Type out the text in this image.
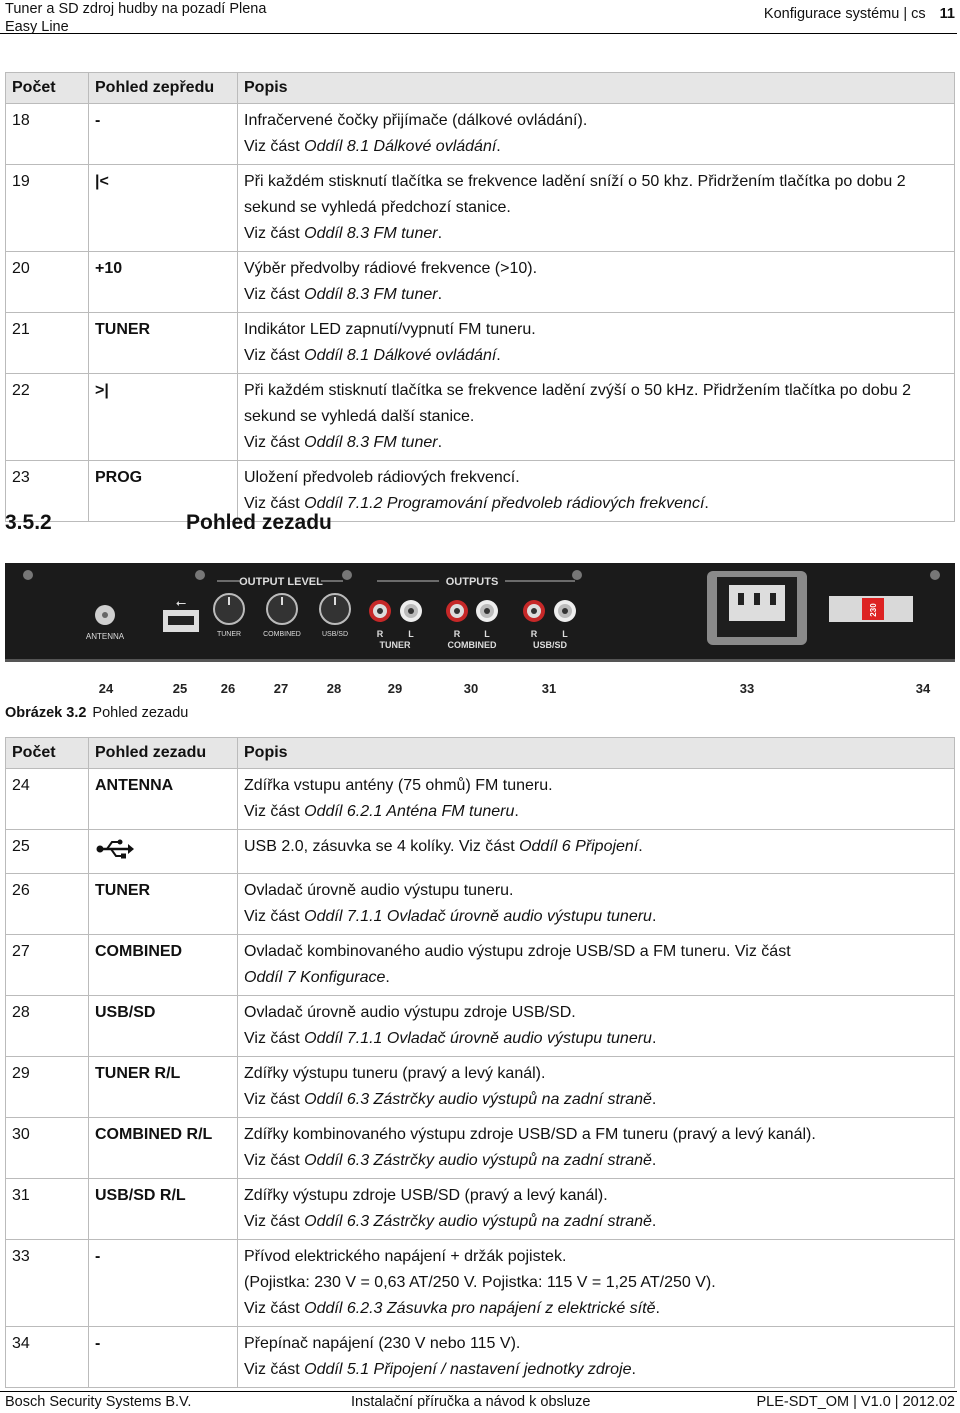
Tuner a SD zdroj hudby na pozadí Plena
Easy Line
Konfigurace systému | cs 11
Počet	Pohled zepředu	Popis
18	-	Infračervené čočky přijímače (dálkové ovládání).
Viz část Oddíl 8.1 Dálkové ovládání.
19	|<	Při každém stisknutí tlačítka se frekvence ladění sníží o 50 khz. Přidržením tlačítka po dobu 2 sekund se vyhledá předchozí stanice.
Viz část Oddíl 8.3 FM tuner.
20	+10	Výběr předvolby rádiové frekvence (>10).
Viz část Oddíl 8.3 FM tuner.
21	TUNER	Indikátor LED zapnutí/vypnutí FM tuneru.
Viz část Oddíl 8.1 Dálkové ovládání.
22	>|	Při každém stisknutí tlačítka se frekvence ladění zvýší o 50 kHz. Přidržením tlačítka po dobu 2 sekund se vyhledá další stanice.
Viz část Oddíl 8.3 FM tuner.
23	PROG	Uložení předvoleb rádiových frekvencí.
Viz část Oddíl 7.1.2 Programování předvoleb rádiových frekvencí.
3.5.2	Pohled zezadu
OUTPUT LEVEL	OUTPUTS
ANTENNA
⭠
TUNER	COMBINED	USB/SD	R	L	R	L	R	L
TUNER	COMBINED	USB/SD
230
24	25	26	27	28	29	30	31	33	34
Obrázek 3.2 Pohled zezadu
Počet	Pohled zezadu	Popis
24	ANTENNA	Zdířka vstupu antény (75 ohmů) FM tuneru.
Viz část Oddíl 6.2.1 Anténa FM tuneru.
25		USB 2.0, zásuvka se 4 kolíky. Viz část Oddíl 6 Připojení.
26	TUNER	Ovladač úrovně audio výstupu tuneru.
Viz část Oddíl 7.1.1 Ovladač úrovně audio výstupu tuneru.
27	COMBINED	Ovladač kombinovaného audio výstupu zdroje USB/SD a FM tuneru. Viz část
Oddíl 7 Konfigurace.
28	USB/SD	Ovladač úrovně audio výstupu zdroje USB/SD.
Viz část Oddíl 7.1.1 Ovladač úrovně audio výstupu tuneru.
29	TUNER R/L	Zdířky výstupu tuneru (pravý a levý kanál).
Viz část Oddíl 6.3 Zástrčky audio výstupů na zadní straně.
30	COMBINED R/L	Zdířky kombinovaného výstupu zdroje USB/SD a FM tuneru (pravý a levý kanál).
Viz část Oddíl 6.3 Zástrčky audio výstupů na zadní straně.
31	USB/SD R/L	Zdířky výstupu zdroje USB/SD (pravý a levý kanál).
Viz část Oddíl 6.3 Zástrčky audio výstupů na zadní straně.
33	-	Přívod elektrického napájení + držák pojistek.
(Pojistka: 230 V = 0,63 AT/250 V. Pojistka: 115 V = 1,25 AT/250 V).
Viz část Oddíl 6.2.3 Zásuvka pro napájení z elektrické sítě.
34	-	Přepínač napájení (230 V nebo 115 V).
Viz část Oddíl 5.1 Připojení / nastavení jednotky zdroje.
Bosch Security Systems B.V.	Instalační příručka a návod k obsluze	PLE-SDT_OM | V1.0 | 2012.02
